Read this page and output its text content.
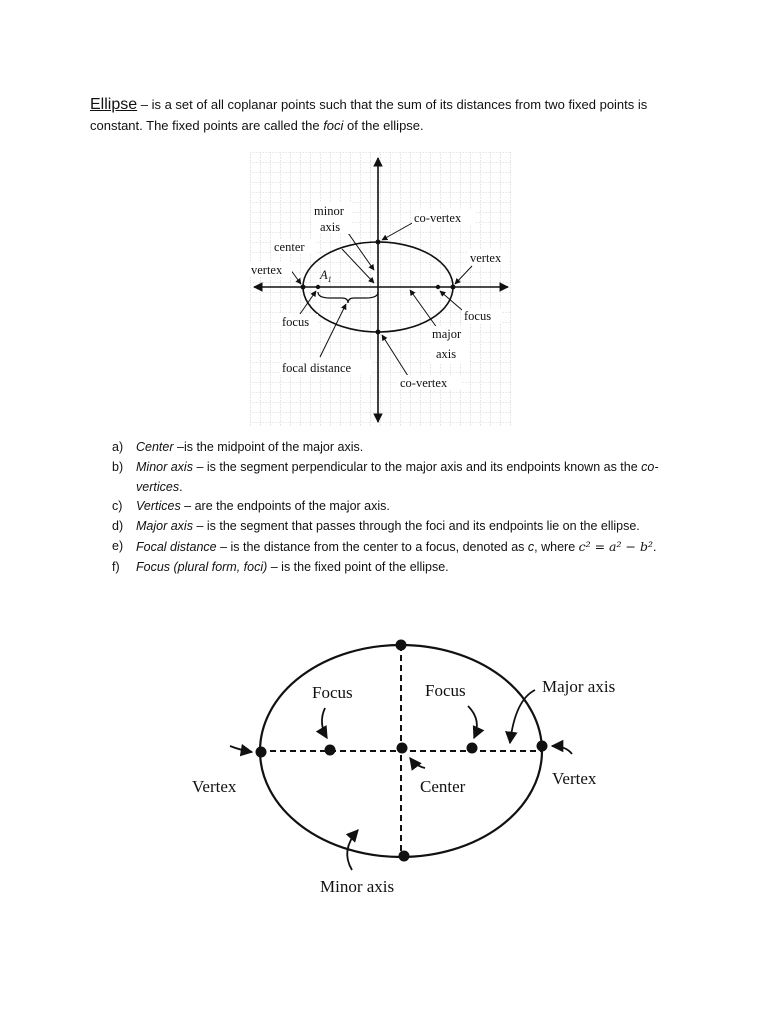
Ellipse – is a set of all coplanar points such that the sum of its distances from two fixed points is constant. The fixed points are called the foci of the ellipse.
minor
axis
co-vertex
center
vertex	$A_1$
vertex
focus	focus
major
axis
focal distance
co-vertex
a) Center –is the midpoint of the major axis.
b) Minor axis – is the segment perpendicular to the major axis and its endpoints known as the co-vertices.
c) Vertices – are the endpoints of the major axis.
d) Major axis – is the segment that passes through the foci and its endpoints lie on the ellipse.
e) Focal distance – is the distance from the center to a focus, denoted as c, where c² = a² − b².
f) Focus (plural form, foci) – is the fixed point of the ellipse.
Focus	Focus	Major axis
Vertex	Center	Vertex
Minor axis
